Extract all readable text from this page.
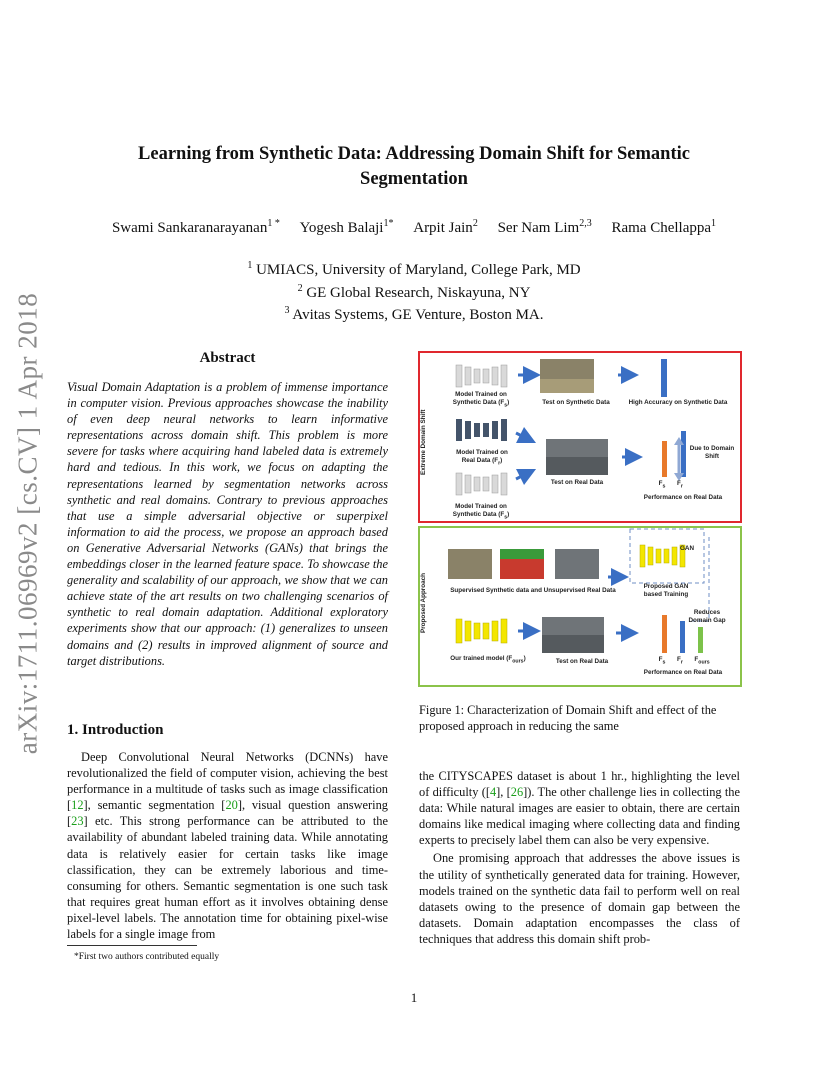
Learning from Synthetic Data: Addressing Domain Shift for Semantic
Segmentation
Swami Sankaranarayanan$^{1 *}$ Yogesh Balaji$^{1*}$ Arpit Jain$^2$ Ser Nam Lim$^{2,3}$ Rama Chellappa$^1$
$^1$ UMIACS, University of Maryland, College Park, MD
$^2$ GE Global Research, Niskayuna, NY
$^3$ Avitas Systems, GE Venture, Boston MA.
arXiv:1711.06969v2 [cs.CV] 1 Apr 2018	Abstract
Visual Domain Adaptation is a problem of immense importance in computer vision. Previous approaches showcase the inability of even deep neural networks to learn informative representations across domain shift. This problem is more severe for tasks where acquiring hand labeled data is extremely hard and tedious. In this work, we focus on adapting the representations learned by segmentation networks across synthetic and real domains. Contrary to previous approaches that use a simple adversarial objective or superpixel information to aid the process, we propose an approach based on Generative Adversarial Networks (GANs) that brings the embeddings closer in the learned feature space. To showcase the generality and scalability of our approach, we show that we can achieve state of the art results on two challenging scenarios of synthetic to real domain adaptation. Additional exploratory experiments show that our approach: (1) generalizes to unseen domains and (2) results in improved alignment of source and target distributions.
1. Introduction
Deep Convolutional Neural Networks (DCNNs) have revolutionalized the field of computer vision, achieving the best performance in a multitude of tasks such as image classification [12], semantic segmentation [20], visual question answering [23] etc. This strong performance can be attributed to the availability of abundant labeled training data. While annotating data is relatively easier for certain tasks like image classification, they can be extremely laborious and time-consuming for others. Semantic segmentation is one such task that requires great human effort as it involves obtaining dense pixel-level labels. The annotation time for obtaining pixel-wise labels for a single image from
*First two authors contributed equally
Extreme Domain Shift
Proposed Approach
Model Trained on Synthetic Data $(F_s)$	Test on Synthetic Data	High Accuracy on Synthetic Data
Model Trained on Real Data $(F_r)$
Test on Real Data
Due to Domain Shift
$F_s$	$F_r$
Performance on Real Data
Model Trained on Synthetic Data $(F_s)$
GAN
Supervised Synthetic data and Unsupervised Real Data
Proposed GAN based Training
Reduces Domain Gap
Our trained model $(F_{ours})$	Test on Real Data	$F_s$	$F_r$	$F_{ours}$
Performance on Real Data
Figure 1: Characterization of Domain Shift and effect of the proposed approach in reducing the same

the CITYSCAPES dataset is about 1 hr., highlighting the level of difficulty ([4], [26]). The other challenge lies in collecting the data: While natural images are easier to obtain, there are certain domains like medical imaging where collecting data and finding experts to precisely label them can also be very expensive.

One promising approach that addresses the above issues is the utility of synthetically generated data for training. However, models trained on the synthetic data fail to perform well on real datasets owing to the presence of domain gap between the datasets. Domain adaptation encompasses the class of techniques that address this domain shift prob-

1
